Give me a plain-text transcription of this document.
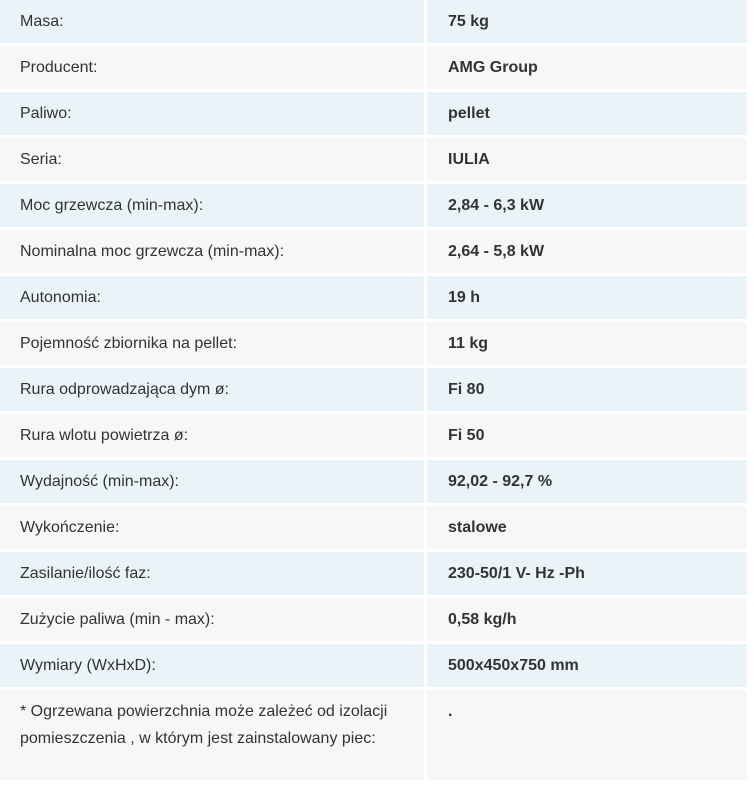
Masa:	75 kg
Producent:	AMG Group
Paliwo:	pellet
Seria:	IULIA
Moc grzewcza (min-max):	2,84 - 6,3 kW
Nominalna moc grzewcza (min-max):	2,64 - 5,8 kW
Autonomia:	19 h
Pojemność zbiornika na pellet:	11 kg
Rura odprowadzająca dym ø:	Fi 80
Rura wlotu powietrza ø:	Fi 50
Wydajność (min-max):	92,02 - 92,7 %
Wykończenie:	stalowe
Zasilanie/ilość faz:	230-50/1 V- Hz -Ph
Zużycie paliwa (min - max):	0,58 kg/h
Wymiary (WxHxD):	500x450x750 mm
* Ogrzewana powierzchnia może zależeć od izolacji pomieszczenia , w którym jest zainstalowany piec:	.
